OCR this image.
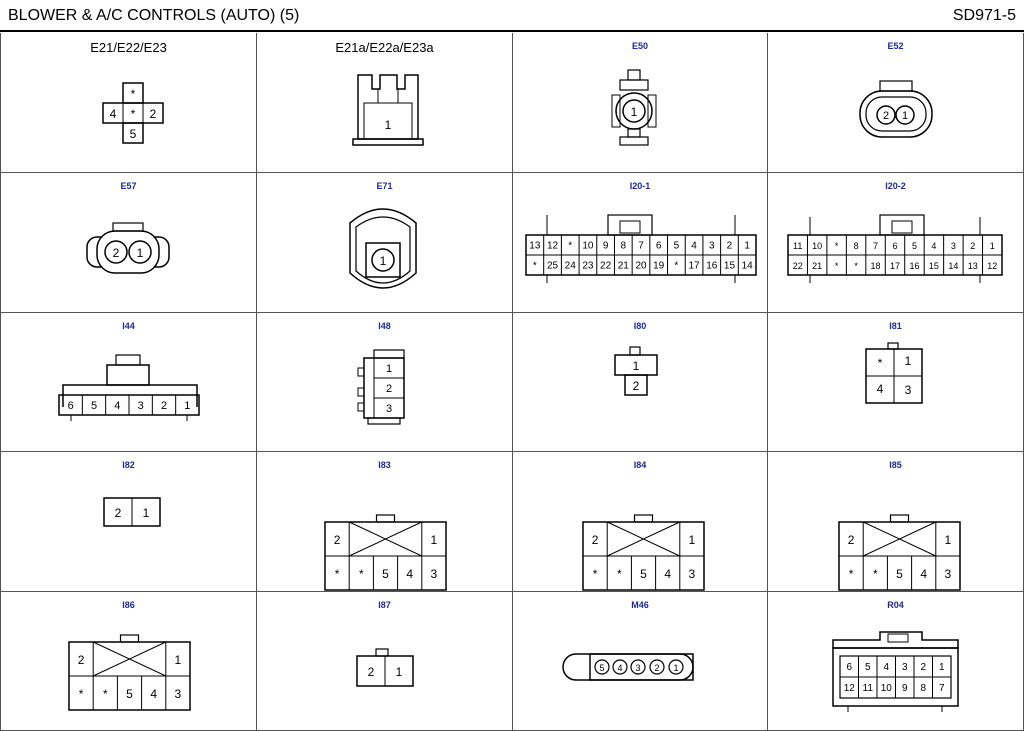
BLOWER & A/C CONTROLS (AUTO) (5)	SD971-5
E21/E22/E23
*
4 * 2
5
E21a/E22a/E23a
1
E50
1
E52
2 1
E57
2 1
E71
1
I20-1
13 12 * 10 9 8 7 6 5 4 3 2 1
* 25 24 23 22 21 20 19 * 17 16 15 14
I20-2
11 10 * 8 7 6 5 4 3 2 1
22 21 * * 18 17 16 15 14 13 12
I44
6 5 4 3 2 1
I48
1
2
3
I80
1
2
I81
* 1
4 3
I82
2 1
I83
2	1
* * 5 4 3
I84
2	1
* * 5 4 3
I85
2	1
* * 5 4 3
I86
2	1
* * 5 4 3
I87
2 1
M46
5 4 3 2 1
R04
6 5 4 3 2 1
12 11 10 9 8 7
